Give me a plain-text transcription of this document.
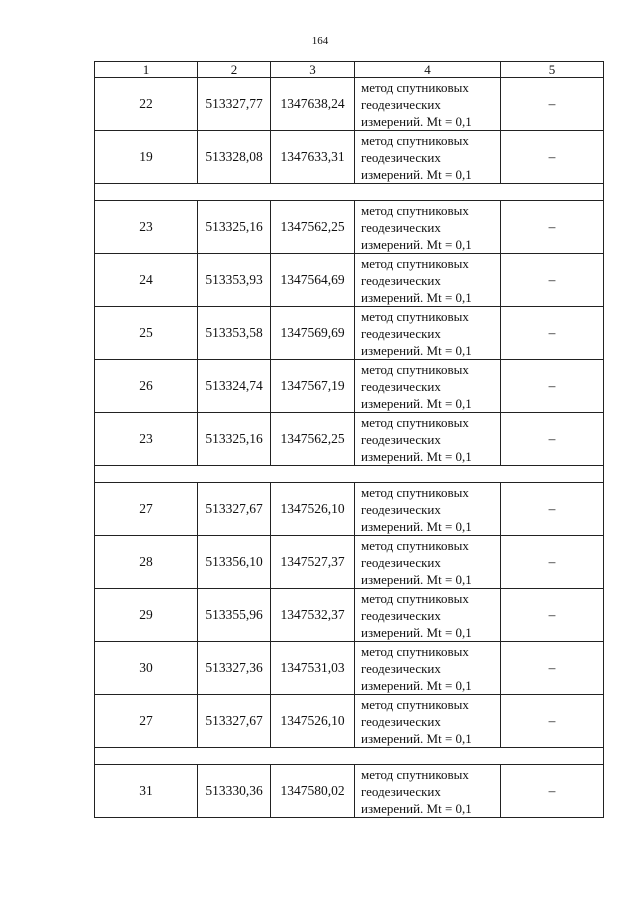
164
1	2	3	4	5
22	513327,77	1347638,24	метод спутниковых
геодезических
измерений. Mt = 0,1	–
19	513328,08	1347633,31	метод спутниковых
геодезических
измерений. Mt = 0,1	–

23	513325,16	1347562,25	метод спутниковых
геодезических
измерений. Mt = 0,1	–
24	513353,93	1347564,69	метод спутниковых
геодезических
измерений. Mt = 0,1	–
25	513353,58	1347569,69	метод спутниковых
геодезических
измерений. Mt = 0,1	–
26	513324,74	1347567,19	метод спутниковых
геодезических
измерений. Mt = 0,1	–
23	513325,16	1347562,25	метод спутниковых
геодезических
измерений. Mt = 0,1	–

27	513327,67	1347526,10	метод спутниковых
геодезических
измерений. Mt = 0,1	–
28	513356,10	1347527,37	метод спутниковых
геодезических
измерений. Mt = 0,1	–
29	513355,96	1347532,37	метод спутниковых
геодезических
измерений. Mt = 0,1	–
30	513327,36	1347531,03	метод спутниковых
геодезических
измерений. Mt = 0,1	–
27	513327,67	1347526,10	метод спутниковых
геодезических
измерений. Mt = 0,1	–

31	513330,36	1347580,02	метод спутниковых
геодезических
измерений. Mt = 0,1	–
